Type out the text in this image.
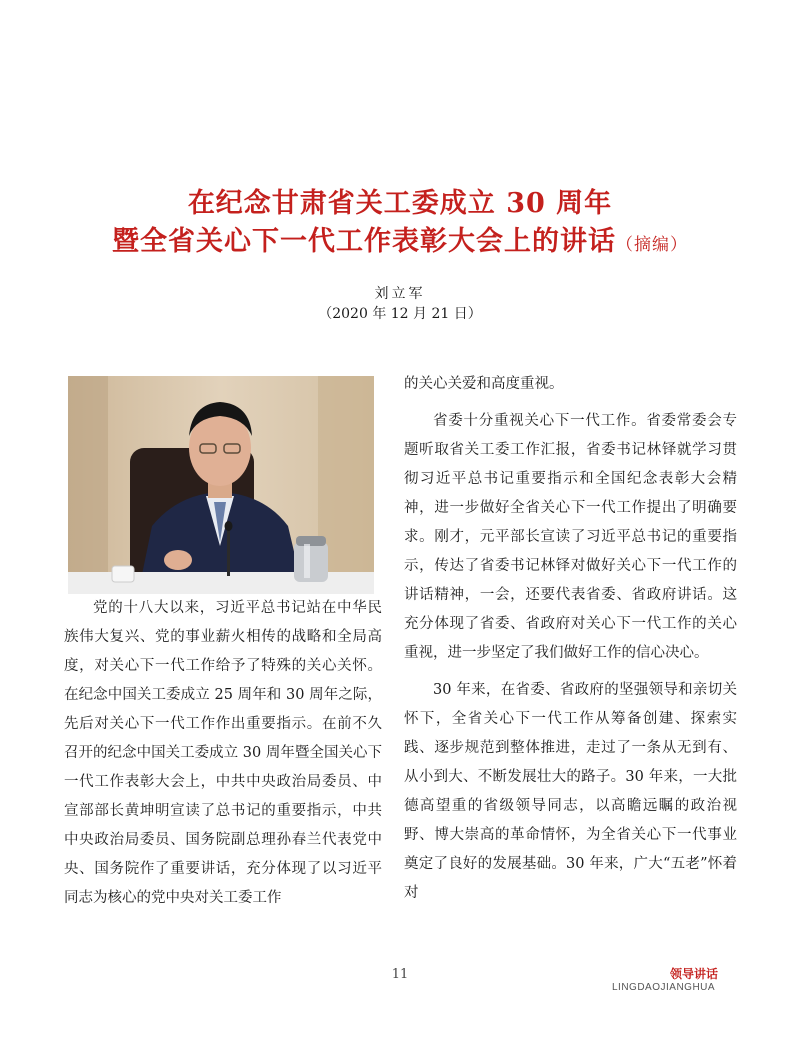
在纪念甘肃省关工委成立 30 周年
暨全省关心下一代工作表彰大会上的讲话（摘编）
刘立军
（2020 年 12 月 21 日）

党的十八大以来，习近平总书记站在中华民族伟大复兴、党的事业薪火相传的战略和全局高度，对关心下一代工作给予了特殊的关心关怀。在纪念中国关工委成立 25 周年和 30 周年之际，先后对关心下一代工作作出重要指示。在前不久召开的纪念中国关工委成立 30 周年暨全国关心下一代工作表彰大会上，中共中央政治局委员、中宣部部长黄坤明宣读了总书记的重要指示，中共中央政治局委员、国务院副总理孙春兰代表党中央、国务院作了重要讲话，充分体现了以习近平同志为核心的党中央对关工委工作

的关心关爱和高度重视。

省委十分重视关心下一代工作。省委常委会专题听取省关工委工作汇报，省委书记林铎就学习贯彻习近平总书记重要指示和全国纪念表彰大会精神，进一步做好全省关心下一代工作提出了明确要求。刚才，元平部长宣读了习近平总书记的重要指示，传达了省委书记林铎对做好关心下一代工作的讲话精神，一会，还要代表省委、省政府讲话。这充分体现了省委、省政府对关心下一代工作的关心重视，进一步坚定了我们做好工作的信心决心。

30 年来，在省委、省政府的坚强领导和亲切关怀下，全省关心下一代工作从筹备创建、探索实践、逐步规范到整体推进，走过了一条从无到有、从小到大、不断发展壮大的路子。30 年来，一大批德高望重的省级领导同志，以高瞻远瞩的政治视野、博大崇高的革命情怀，为全省关心下一代事业奠定了良好的发展基础。30 年来，广大“五老”怀着对

11	领导讲话
LINGDAOJIANGHUA
